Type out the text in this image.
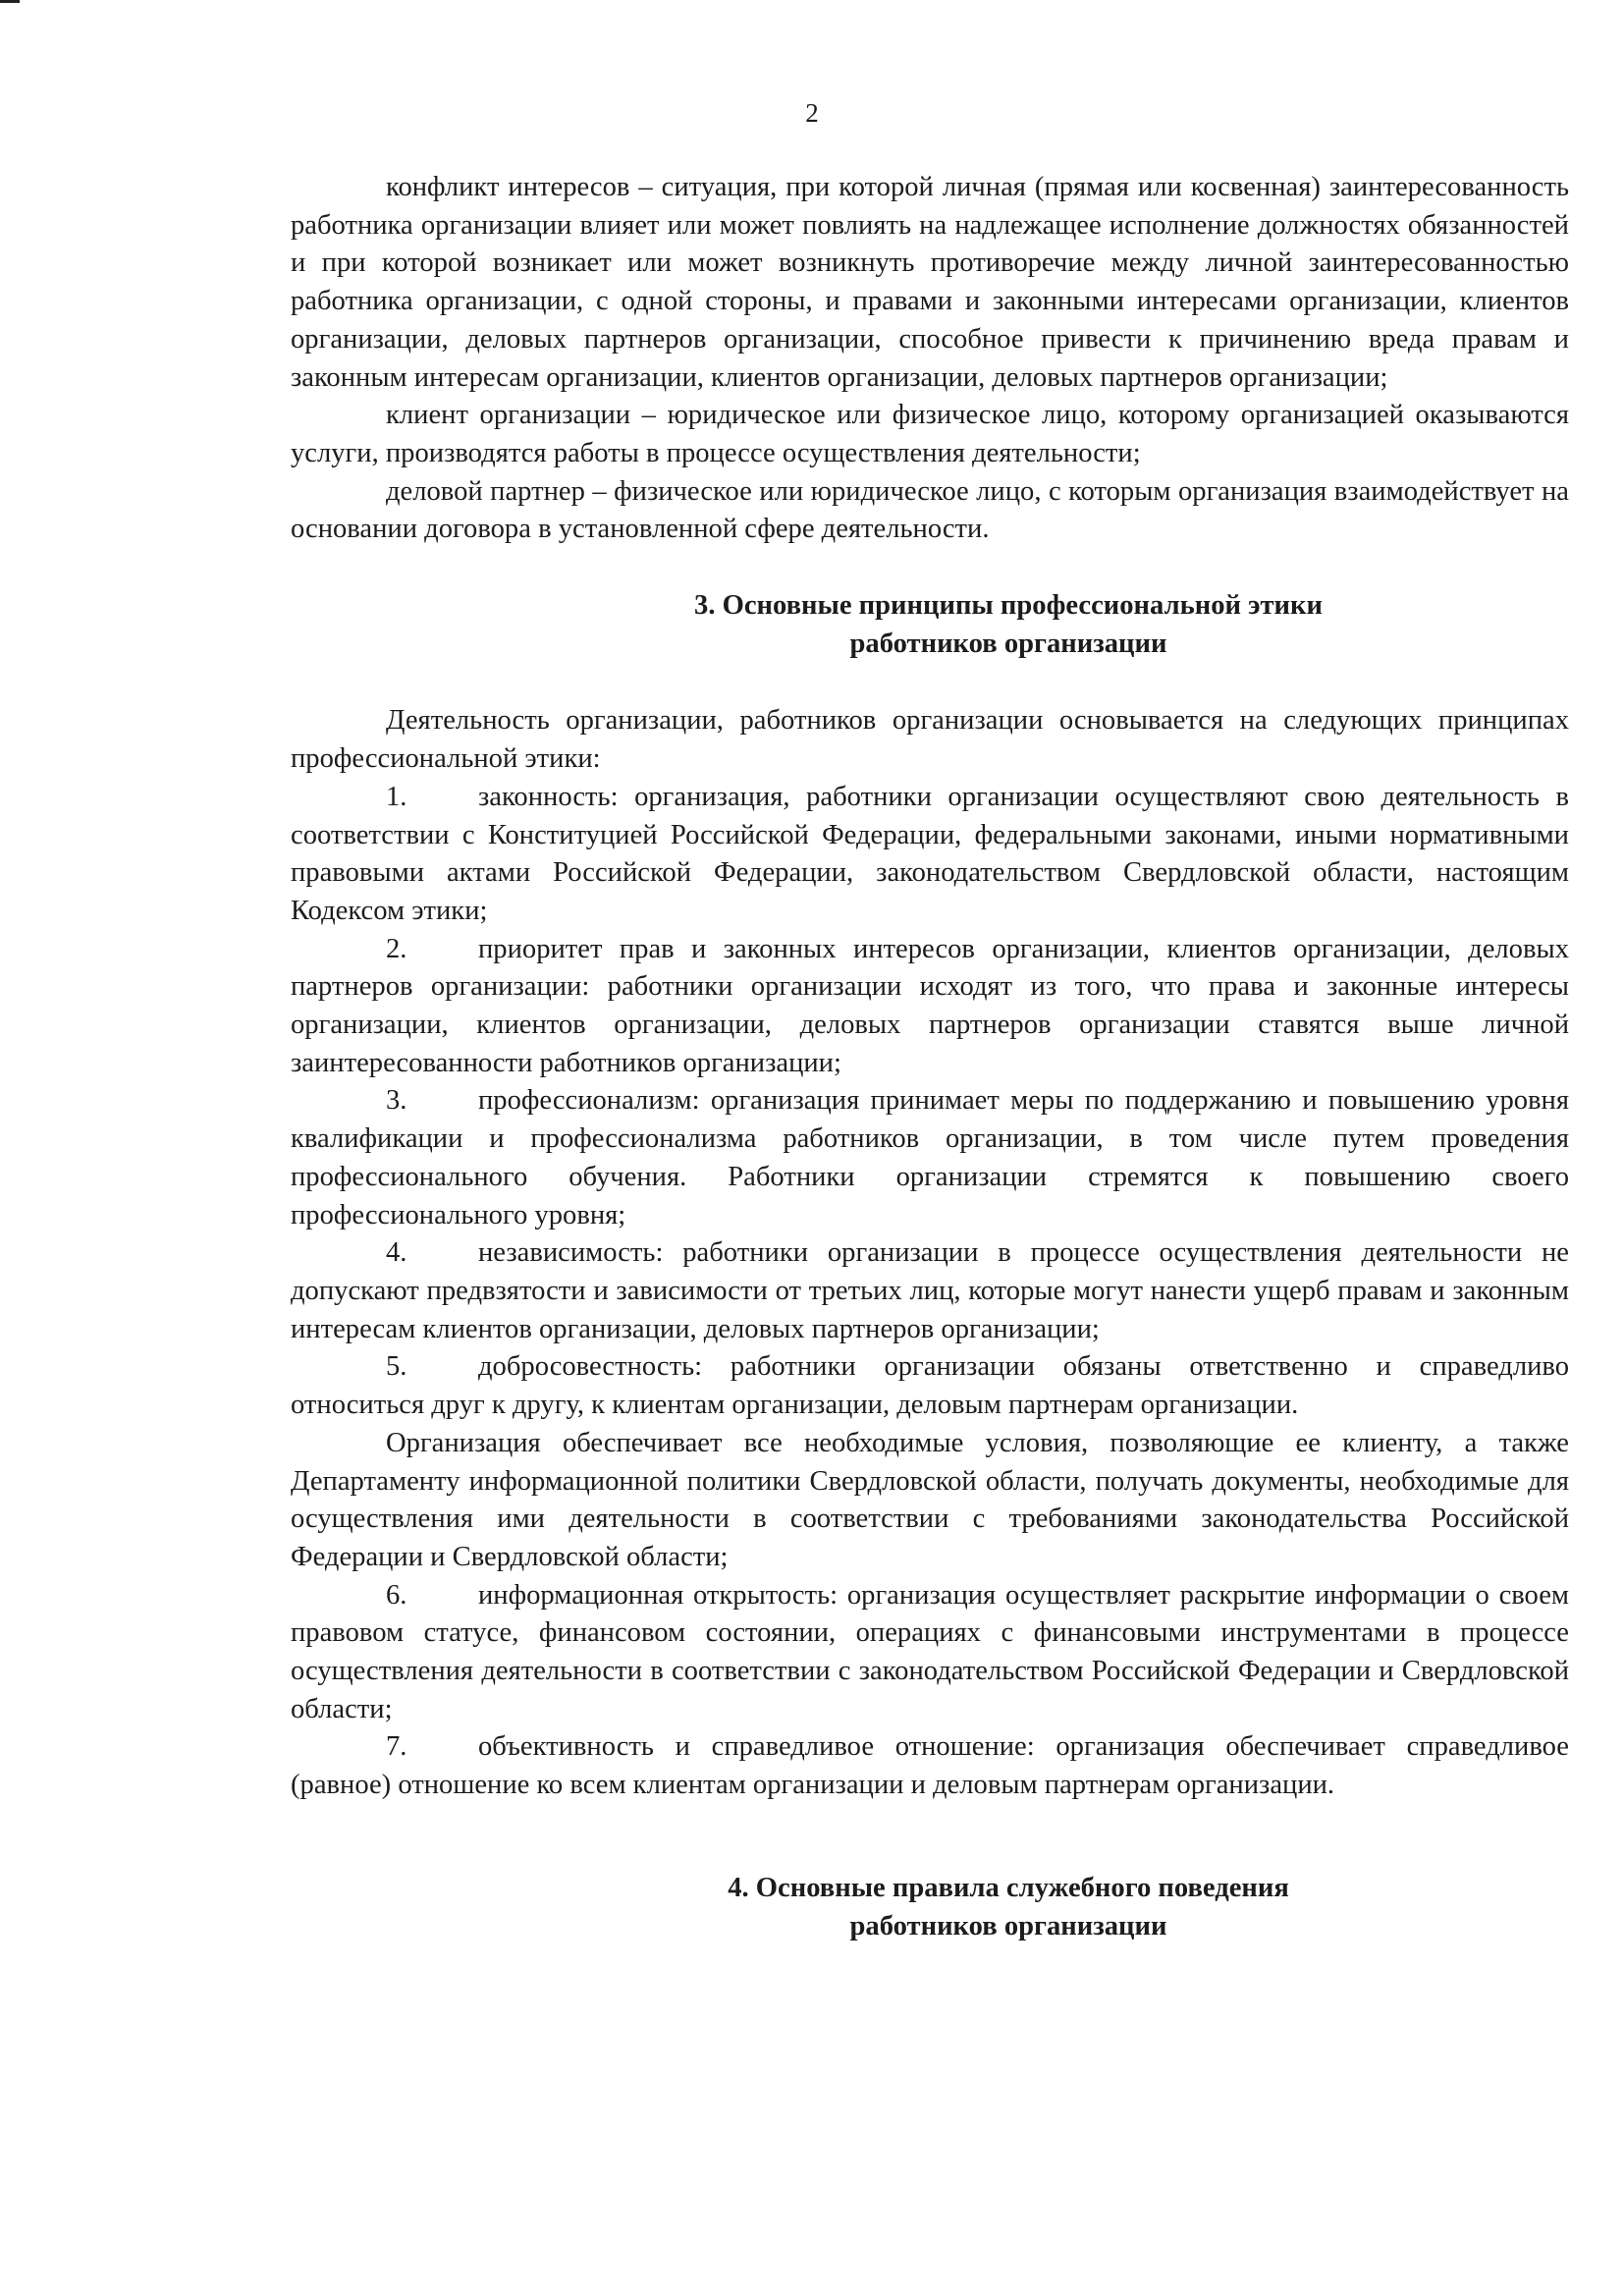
2

конфликт интересов – ситуация, при которой личная (прямая или косвенная) заинтересованность работника организации влияет или может повлиять на надлежащее исполнение должностях обязанностей и при которой возникает или может возникнуть противоречие между личной заинтересованностью работника организации, с одной стороны, и правами и законными интересами организации, клиентов организации, деловых партнеров организации, способное привести к причинению вреда правам и законным интересам организации, клиентов организации, деловых партнеров организации;

клиент организации – юридическое или физическое лицо, которому организацией оказываются услуги, производятся работы в процессе осуществления деятельности;

деловой партнер – физическое или юридическое лицо, с которым организация взаимодействует на основании договора в установленной сфере деятельности.

3. Основные принципы профессиональной этики

работников организации

Деятельность организации, работников организации основывается на следующих принципах профессиональной этики:

1.	законность: организация, работники организации осуществляют свою деятельность в соответствии с Конституцией Российской Федерации, федеральными законами, иными нормативными правовыми актами Российской Федерации, законодательством Свердловской области, настоящим Кодексом этики;

2.	приоритет прав и законных интересов организации, клиентов организации, деловых партнеров организации: работники организации исходят из того, что права и законные интересы организации, клиентов организации, деловых партнеров организации ставятся выше личной заинтересованности работников организации;

3.	профессионализм: организация принимает меры по поддержанию и повышению уровня квалификации и профессионализма работников организации, в том числе путем проведения профессионального обучения. Работники организации стремятся к повышению своего профессионального уровня;

4.	независимость: работники организации в процессе осуществления деятельности не допускают предвзятости и зависимости от третьих лиц, которые могут нанести ущерб правам и законным интересам клиентов организации, деловых партнеров организации;

5.	добросовестность: работники организации обязаны ответственно и справедливо относиться друг к другу, к клиентам организации, деловым партнерам организации.

Организация обеспечивает все необходимые условия, позволяющие ее клиенту, а также Департаменту информационной политики Свердловской области, получать документы, необходимые для осуществления ими деятельности в соответствии с требованиями законодательства Российской Федерации и Свердловской области;

6.	информационная открытость: организация осуществляет раскрытие информации о своем правовом статусе, финансовом состоянии, операциях с финансовыми инструментами в процессе осуществления деятельности в соответствии с законодательством Российской Федерации и Свердловской области;

7.	объективность и справедливое отношение: организация обеспечивает справедливое (равное) отношение ко всем клиентам организации и деловым партнерам организации.

4. Основные правила служебного поведения

работников организации
